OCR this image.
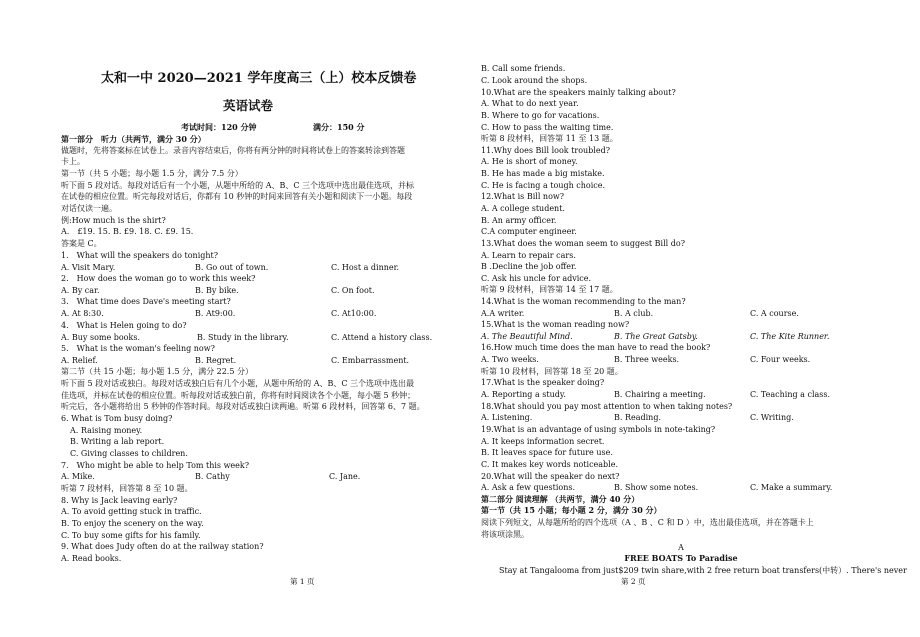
太和一中 2020—2021 学年度高三（上）校本反馈卷
英语试卷
考试时间：120 分钟	满分：150 分
第一部分　听力（共两节，满分 30 分）
做题时，先将答案标在试卷上。录音内容结束后，你将有两分钟的时间将试卷上的答案转涂到答题
卡上。
第一节（共 5 小题；每小题 1.5 分，满分 7.5 分）
听下面 5 段对话。每段对话后有一个小题，从题中所给的 A、B、C 三个选项中选出最佳选项，并标
在试卷的相应位置。听完每段对话后，你都有 10 秒钟的时间来回答有关小题和阅读下一小题。每段
对话仅读一遍。
例:How much is the shirt?
A.　£19. 15. B. £9. 18. C. £9. 15.
答案是 C。
1.　What will the speakers do tonight?
A. Visit Mary.	B. Go out of town.	C. Host a dinner.
2.　How does the woman go to work this week?
A. By car.	B. By bike.	C. On foot.
3.　What time does Dave's meeting start?
A. At 8:30.	B. At9:00.	C. At10:00.
4.　What is Helen going to do?
A. Buy some books.	B. Study in the library.	C. Attend a history class.
5.　What is the woman's feeling now?
A. Relief.	B. Regret.	C. Embarrassment.
第二节（共 15 小题；每小题 1.5 分，满分 22.5 分）
听下面 5 段对话或独白。每段对话或独白后有几个小题，从题中所给的 A、B、C 三个选项中选出最
佳选项，并标在试卷的相应位置。听每段对话或独白前，你将有时间阅读各个小题，每小题 5 秒钟；
听完后，各小题将给出 5 秒钟的作答时间。每段对话或独白读两遍。听第 6 段材料，回答第 6、7 题。
6. What is Tom busy doing?
A. Raising money.
B. Writing a lab report.
C. Giving classes to children.
7.　Who might be able to help Tom this week?
A. Mike.	B. Cathy	C. Jane.
听第 7 段材料，回答第 8 至 10 题。
8. Why is Jack leaving early?
A. To avoid getting stuck in traffic.
B. To enjoy the scenery on the way.
C. To buy some gifts for his family.
9. What does Judy often do at the railway station?
A. Read books.
第 1 页
B. Call some friends.
C. Look around the shops.
10.What are the speakers mainly talking about?
A. What to do next year.
B. Where to go for vacations.
C. How to pass the waiting time.
听第 8 段材料，回答第 11 至 13 题。
11.Why does Bill look troubled?
A. He is short of money.
B. He has made a big mistake.
C. He is facing a tough choice.
12.What is Bill now?
A. A college student.
B. An army officer.
C.A computer engineer.
13.What does the woman seem to suggest Bill do?
A. Learn to repair cars.
B .Decline the job offer.
C. Ask his uncle for advice.
听第 9 段材料，回答第 14 至 17 题。
14.What is the woman recommending to the man?
A.A writer.	B. A club.	C. A course.
15.What is the woman reading now?
A. The Beautiful Mind.	B. The Great Gatsby.	C. The Kite Runner.
16.How much time does the man have to read the book?
A. Two weeks.	B. Three weeks.	C. Four weeks.
听第 10 段材料，回答第 18 至 20 题。
17.What is the speaker doing?
A. Reporting a study.	B. Chairing a meeting.	C. Teaching a class.
18.What should you pay most attention to when taking notes?
A. Listening.	B. Reading.	C. Writing.
19.What is an advantage of using symbols in note-taking?
A. It keeps information secret.
B. It leaves space for future use.
C. It makes key words noticeable.
20.What will the speaker do next?
A. Ask a few questions.	B. Show some notes.	C. Make a summary.
第二部分 阅读理解 （共两节，满分 40 分）
第一节（共 15 小题；每小题 2 分，满分 30 分）
阅读下列短文，从每题所给的四个选项（A 、B 、C 和 D ）中，选出最佳选项，并在答题卡上
将该项涂黑。
A
FREE BOATS To Paradise
Stay at Tangalooma from just$209 twin share,with 2 free return boat transfers(中转）. There's never
第 2 页
